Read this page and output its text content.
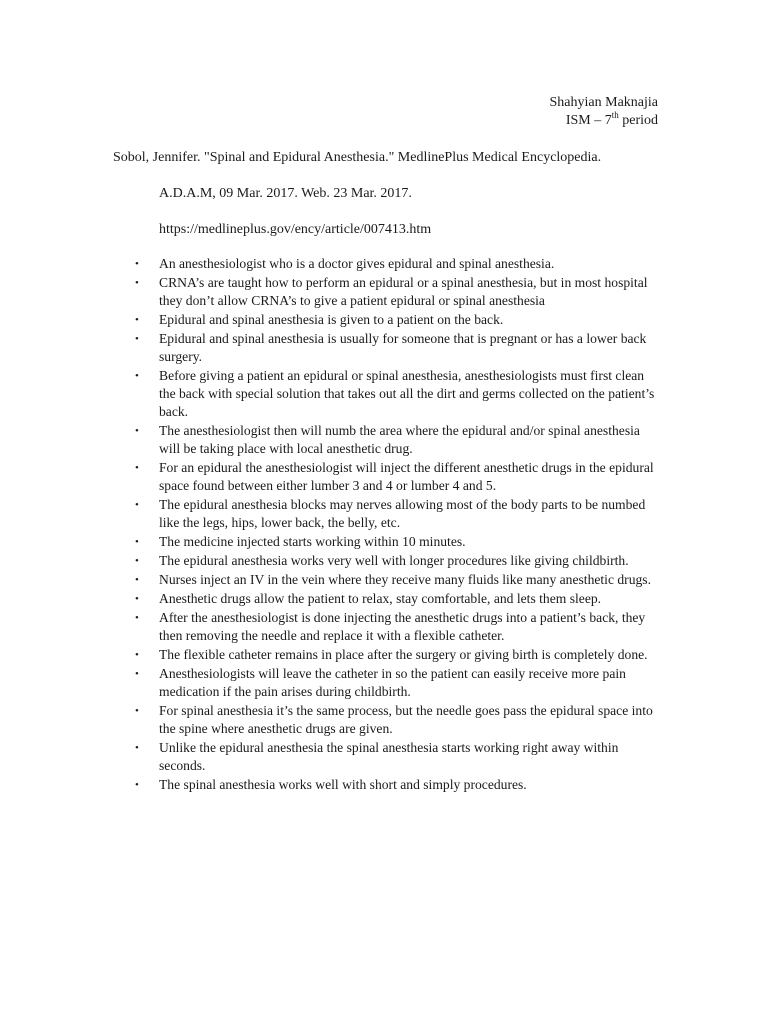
Shahyian Maknajia
ISM – 7th period
Sobol, Jennifer. "Spinal and Epidural Anesthesia." MedlinePlus Medical Encyclopedia.
A.D.A.M, 09 Mar. 2017. Web. 23 Mar. 2017.
https://medlineplus.gov/ency/article/007413.htm
• An anesthesiologist who is a doctor gives epidural and spinal anesthesia.
• CRNA’s are taught how to perform an epidural or a spinal anesthesia, but in most hospital they don’t allow CRNA’s to give a patient epidural or spinal anesthesia
• Epidural and spinal anesthesia is given to a patient on the back.
• Epidural and spinal anesthesia is usually for someone that is pregnant or has a lower back surgery.
• Before giving a patient an epidural or spinal anesthesia, anesthesiologists must first clean the back with special solution that takes out all the dirt and germs collected on the patient’s back.
• The anesthesiologist then will numb the area where the epidural and/or spinal anesthesia will be taking place with local anesthetic drug.
• For an epidural the anesthesiologist will inject the different anesthetic drugs in the epidural space found between either lumber 3 and 4 or lumber 4 and 5.
• The epidural anesthesia blocks may nerves allowing most of the body parts to be numbed like the legs, hips, lower back, the belly, etc.
• The medicine injected starts working within 10 minutes.
• The epidural anesthesia works very well with longer procedures like giving childbirth.
• Nurses inject an IV in the vein where they receive many fluids like many anesthetic drugs.
• Anesthetic drugs allow the patient to relax, stay comfortable, and lets them sleep.
• After the anesthesiologist is done injecting the anesthetic drugs into a patient’s back, they then removing the needle and replace it with a flexible catheter.
• The flexible catheter remains in place after the surgery or giving birth is completely done.
• Anesthesiologists will leave the catheter in so the patient can easily receive more pain medication if the pain arises during childbirth.
• For spinal anesthesia it’s the same process, but the needle goes pass the epidural space into the spine where anesthetic drugs are given.
• Unlike the epidural anesthesia the spinal anesthesia starts working right away within seconds.
• The spinal anesthesia works well with short and simply procedures.
